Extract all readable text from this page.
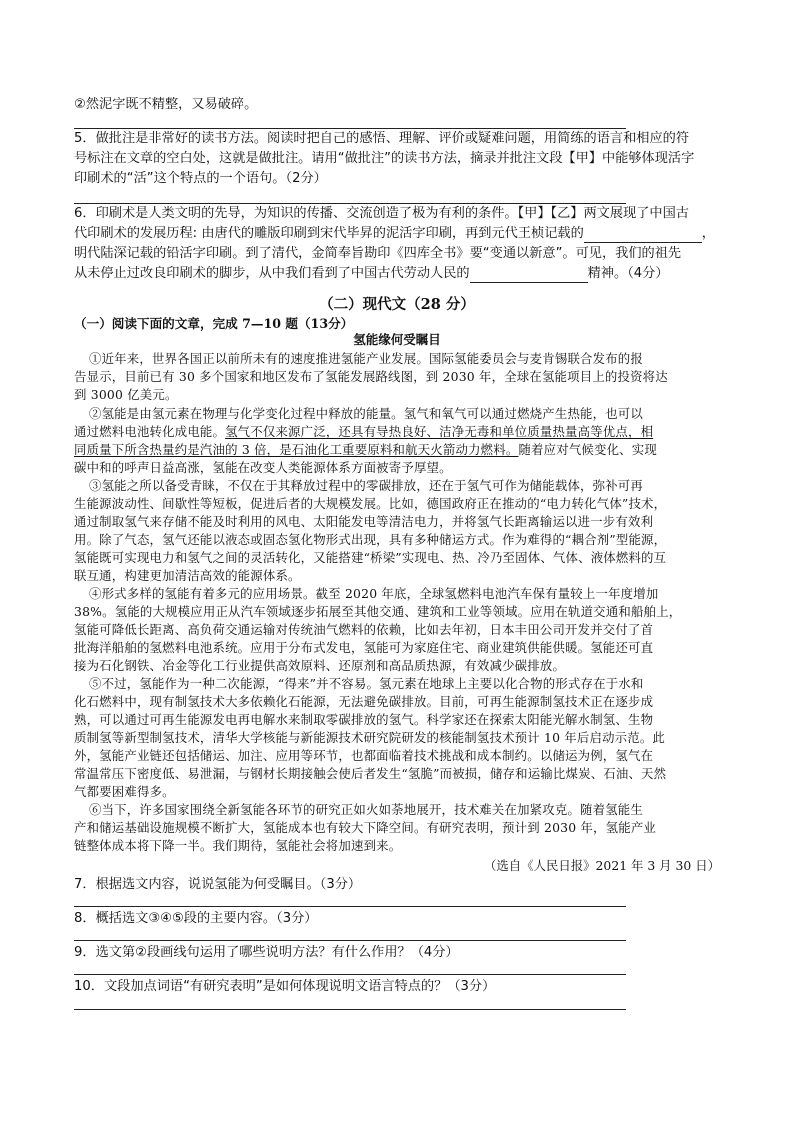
②然泥字既不精整，又易破碎。
5．做批注是非常好的读书方法。阅读时把自己的感悟、理解、评价或疑难问题，用简练的语言和相应的符
号标注在文章的空白处，这就是做批注。请用“做批注”的读书方法，摘录并批注文段【甲】中能够体现活字
印刷术的“活”这个特点的一个语句。（2分）
6．印刷术是人类文明的先导，为知识的传播、交流创造了极为有利的条件。【甲】【乙】两文展现了中国古
代印刷术的发展历程: 由唐代的雕版印刷到宋代毕昇的泥活字印刷，再到元代王桢记载的	，
明代陆深记载的铅活字印刷。到了清代，金简奉旨勘印《四库全书》要“变通以新意”。可见，我们的祖先
从未停止过改良印刷术的脚步，从中我们看到了中国古代劳动人民的	精神。（4分）
（二）现代文（28 分）
（一）阅读下面的文章，完成 7—10 题（13分）
氢能缘何受瞩目
①近年来，世界各国正以前所未有的速度推进氢能产业发展。国际氢能委员会与麦肯锡联合发布的报
告显示，目前已有 30 多个国家和地区发布了氢能发展路线图，到 2030 年，全球在氢能项目上的投资将达
到 3000 亿美元。
②氢能是由氢元素在物理与化学变化过程中释放的能量。氢气和氧气可以通过燃烧产生热能，也可以
通过燃料电池转化成电能。氢气不仅来源广泛，还具有导热良好、洁净无毒和单位质量热量高等优点，相
同质量下所含热量约是汽油的 3 倍，是石油化工重要原料和航天火箭动力燃料。随着应对气候变化、实现
碳中和的呼声日益高涨，氢能在改变人类能源体系方面被寄予厚望。
③氢能之所以备受青睐，不仅在于其释放过程中的零碳排放，还在于氢气可作为储能载体，弥补可再
生能源波动性、间歇性等短板，促进后者的大规模发展。比如，德国政府正在推动的“电力转化气体”技术，
通过制取氢气来存储不能及时利用的风电、太阳能发电等清洁电力，并将氢气长距离输运以进一步有效利
用。除了气态，氢气还能以液态或固态氢化物形式出现，具有多种储运方式。作为难得的“耦合剂”型能源，
氢能既可实现电力和氢气之间的灵活转化，又能搭建“桥梁”实现电、热、冷乃至固体、气体、液体燃料的互
联互通，构建更加清洁高效的能源体系。
④形式多样的氢能有着多元的应用场景。截至 2020 年底，全球氢燃料电池汽车保有量较上一年度增加
38%。氢能的大规模应用正从汽车领域逐步拓展至其他交通、建筑和工业等领域。应用在轨道交通和船舶上，
氢能可降低长距离、高负荷交通运输对传统油气燃料的依赖，比如去年初，日本丰田公司开发并交付了首
批海洋船舶的氢燃料电池系统。应用于分布式发电，氢能可为家庭住宅、商业建筑供能供暖。氢能还可直
接为石化钢铁、冶金等化工行业提供高效原料、还原剂和高品质热源，有效减少碳排放。
⑤不过，氢能作为一种二次能源，“得来”并不容易。氢元素在地球上主要以化合物的形式存在于水和
化石燃料中，现有制氢技术大多依赖化石能源，无法避免碳排放。目前，可再生能源制氢技术正在逐步成
熟，可以通过可再生能源发电再电解水来制取零碳排放的氢气。科学家还在探索太阳能光解水制氢、生物
质制氢等新型制氢技术，清华大学核能与新能源技术研究院研发的核能制氢技术预计 10 年后启动示范。此
外，氢能产业链还包括储运、加注、应用等环节，也都面临着技术挑战和成本制约。以储运为例，氢气在
常温常压下密度低、易泄漏，与钢材长期接触会使后者发生“氢脆”而被损，储存和运输比煤炭、石油、天然
气都要困难得多。
⑥当下，许多国家围绕全新氢能各环节的研究正如火如荼地展开，技术难关在加紧攻克。随着氢能生
产和储运基础设施规模不断扩大，氢能成本也有较大下降空间。有研究表明，预计到 2030 年，氢能产业
链整体成本将下降一半。我们期待，氢能社会将加速到来。
（选自《人民日报》2021 年 3 月 30 日）
7．根据选文内容，说说氢能为何受瞩目。（3分）
8．概括选文③④⑤段的主要内容。（3分）
9．选文第②段画线句运用了哪些说明方法？有什么作用？（4分）
10．文段加点词语“有研究表明”是如何体现说明文语言特点的？（3分）
